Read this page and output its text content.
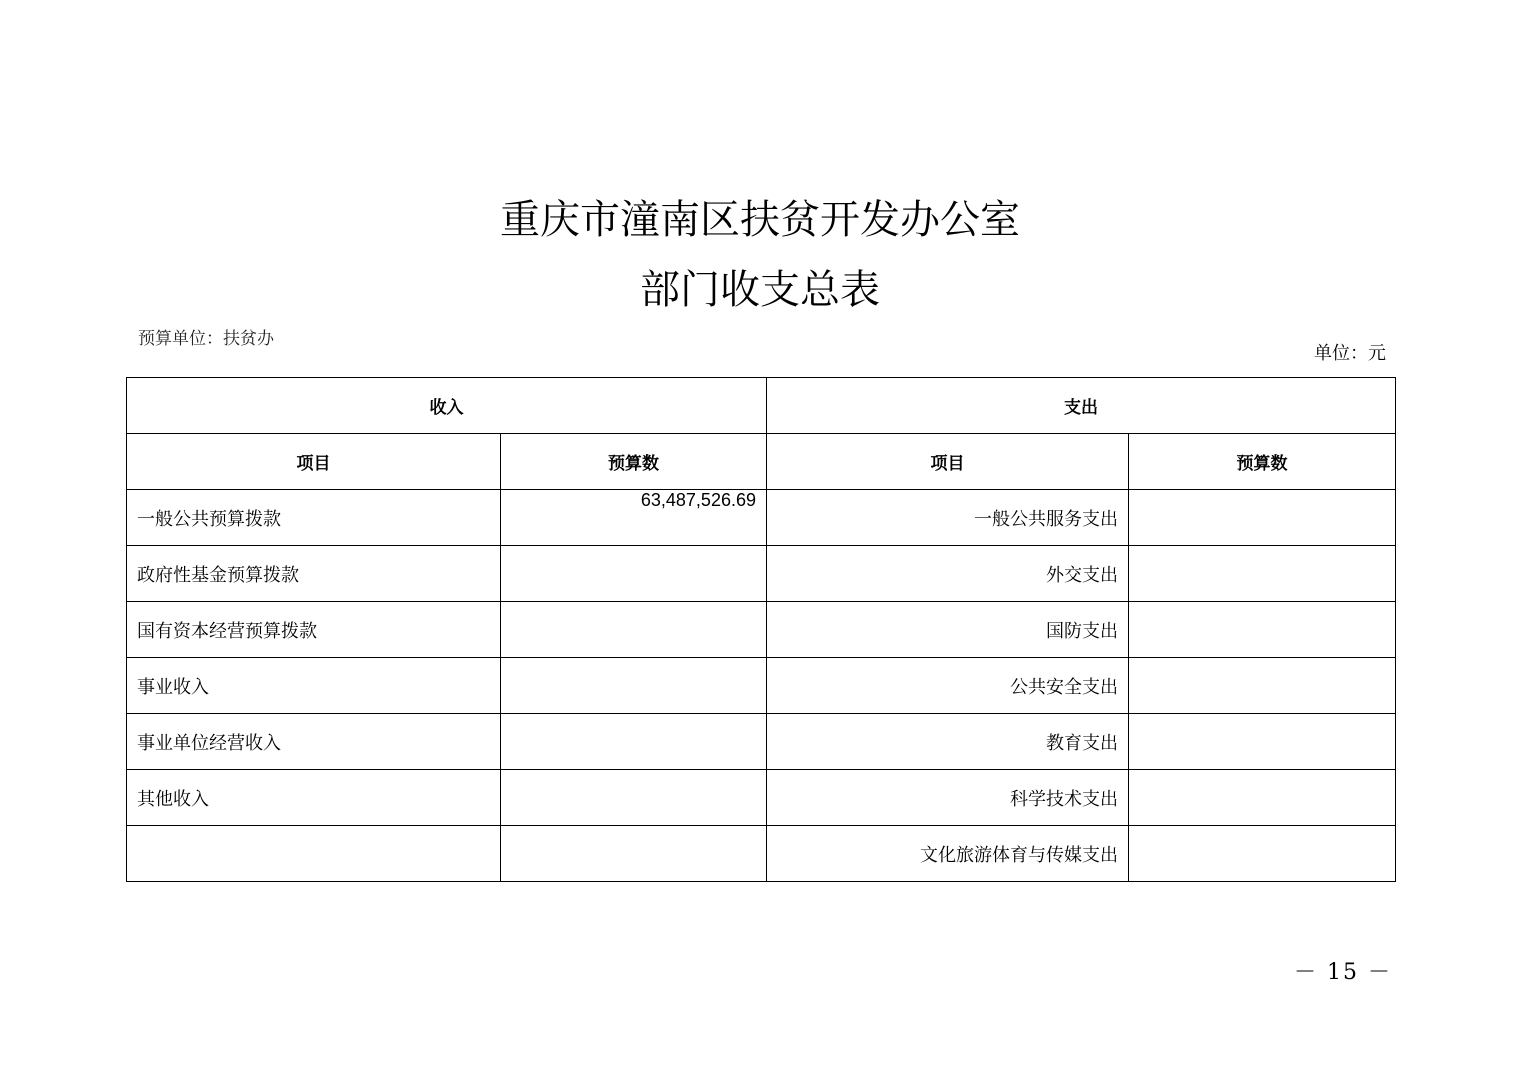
重庆市潼南区扶贫开发办公室
部门收支总表
预算单位：扶贫办
单位：元
收入		支出	
项目	预算数	项目	预算数
一般公共预算拨款	63,487,526.69	一般公共服务支出	
政府性基金预算拨款		外交支出	
国有资本经营预算拨款		国防支出	
事业收入		公共安全支出	
事业单位经营收入		教育支出	
其他收入		科学技术支出	
		文化旅游体育与传媒支出	
－ 15 －
